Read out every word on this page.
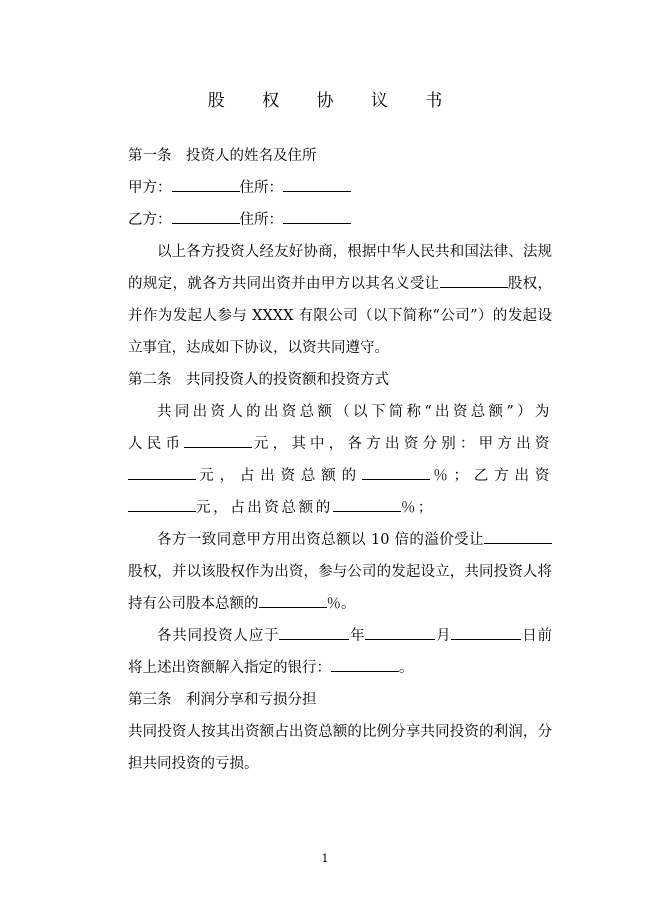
股 权 协 议 书

第一条 投资人的姓名及住所

甲方：	住所：

乙方：	住所：

以上各方投资人经友好协商，根据中华人民共和国法律、法规的规定，就各方共同出资并由甲方以其名义受让	股权，并作为发起人参与 XXXX 有限公司（以下简称“公司”）的发起设立事宜，达成如下协议，以资共同遵守。

第二条 共同投资人的投资额和投资方式

共同出资人的出资总额（以下简称“出资总额”）为人民币	元，其中，各方出资分别：甲方出资元，占出资总额的	％；乙方出资元，占出资总额的	％；

各方一致同意甲方用出资总额以 10 倍的溢价受让股权，并以该股权作为出资，参与公司的发起设立，共同投资人将持有公司股本总额的	％。

各共同投资人应于	年	月	日前将上述出资额解入指定的银行：	。

第三条 利润分享和亏损分担

共同投资人按其出资额占出资总额的比例分享共同投资的利润，分担共同投资的亏损。

1
